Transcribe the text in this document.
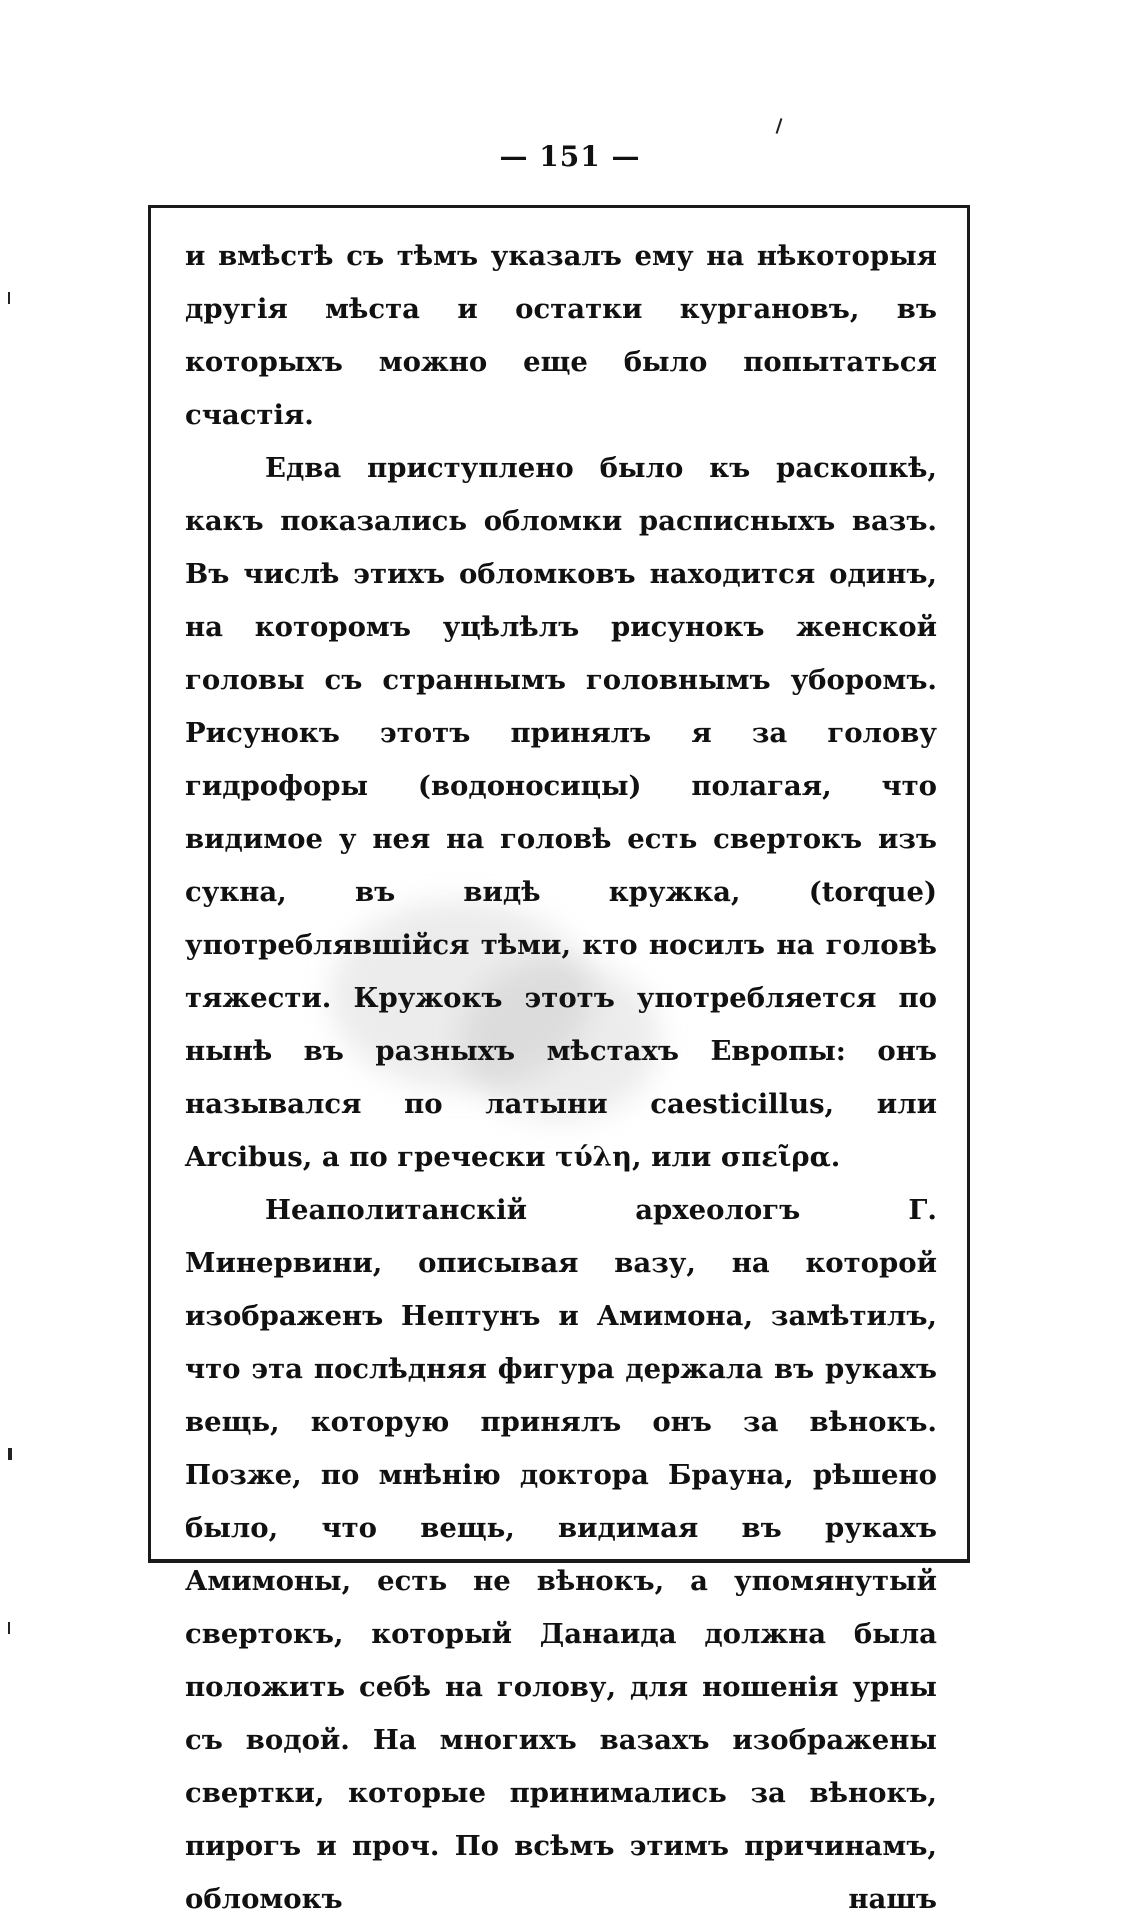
— 151 —

и вмѣстѣ съ тѣмъ указалъ ему на нѣкоторыя другія мѣста и остатки кургановъ, въ которыхъ можно еще было попытаться счастія.

Едва приступлено было къ раскопкѣ, какъ показались обломки расписныхъ вазъ. Въ числѣ этихъ обломковъ находится одинъ, на которомъ уцѣлѣлъ рисунокъ женской головы съ страннымъ головнымъ уборомъ. Рисунокъ этотъ принялъ я за голову гидрофоры (водоносицы) полагая, что видимое у нея на головѣ есть свертокъ изъ сукна, въ видѣ кружка, (torque) употреблявшійся тѣми, кто носилъ на головѣ тяжести. Кружокъ этотъ употребляется по нынѣ въ разныхъ мѣстахъ Европы: онъ назывался по латыни caesticillus, или Arcibus, а по гречески τύλη, или σπεῖρα.

Неаполитанскій археологъ Г. Минервини, описывая вазу, на которой изображенъ Нептунъ и Амимона, замѣтилъ, что эта послѣдняя фигура держала въ рукахъ вещь, которую принялъ онъ за вѣнокъ. Позже, по мнѣнію доктора Брауна, рѣшено было, что вещь, видимая въ рукахъ Амимоны, есть не вѣнокъ, а упомянутый свертокъ, который Данаида должна была положить себѣ на голову, для ношенія урны съ водой. На многихъ вазахъ изображены свертки, которые принимались за вѣнокъ, пирогъ и проч. По всѣмъ этимъ причинамъ, обломокъ нашъ
